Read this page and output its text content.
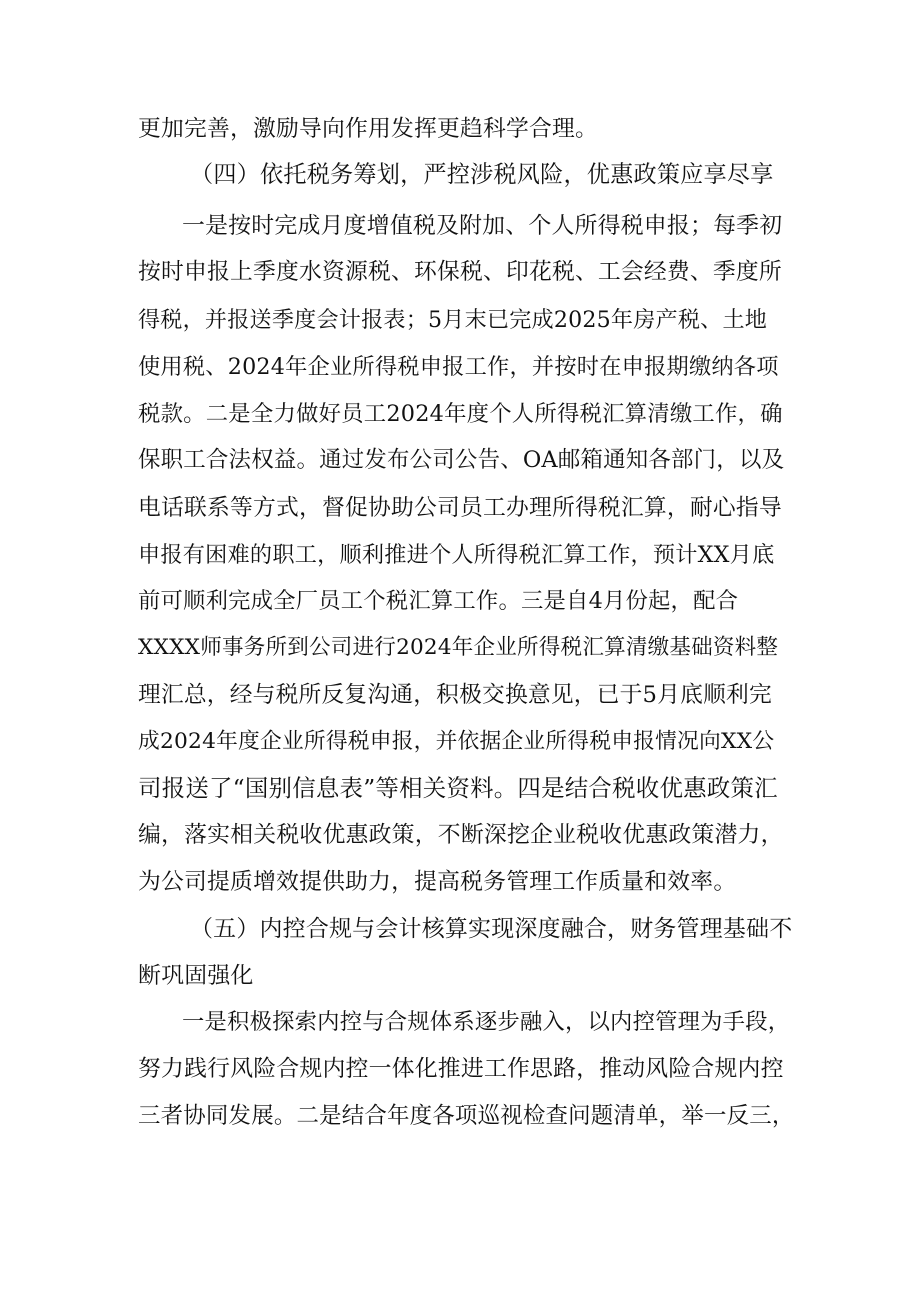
更加完善，激励导向作用发挥更趋科学合理。
（四）依托税务筹划，严控涉税风险，优惠政策应享尽享
一是按时完成月度增值税及附加、个人所得税申报；每季初
按时申报上季度水资源税、环保税、印花税、工会经费、季度所
得税，并报送季度会计报表；5月末已完成2025年房产税、土地
使用税、2024年企业所得税申报工作，并按时在申报期缴纳各项
税款。二是全力做好员工2024年度个人所得税汇算清缴工作，确
保职工合法权益。通过发布公司公告、OA邮箱通知各部门，以及
电话联系等方式，督促协助公司员工办理所得税汇算，耐心指导
申报有困难的职工，顺利推进个人所得税汇算工作，预计XX月底
前可顺利完成全厂员工个税汇算工作。三是自4月份起，配合
XXXX师事务所到公司进行2024年企业所得税汇算清缴基础资料整
理汇总，经与税所反复沟通，积极交换意见，已于5月底顺利完
成2024年度企业所得税申报，并依据企业所得税申报情况向XX公
司报送了“国别信息表”等相关资料。四是结合税收优惠政策汇
编，落实相关税收优惠政策，不断深挖企业税收优惠政策潜力，
为公司提质增效提供助力，提高税务管理工作质量和效率。
（五）内控合规与会计核算实现深度融合，财务管理基础不
断巩固强化
一是积极探索内控与合规体系逐步融入，以内控管理为手段，
努力践行风险合规内控一体化推进工作思路，推动风险合规内控
三者协同发展。二是结合年度各项巡视检查问题清单，举一反三，
